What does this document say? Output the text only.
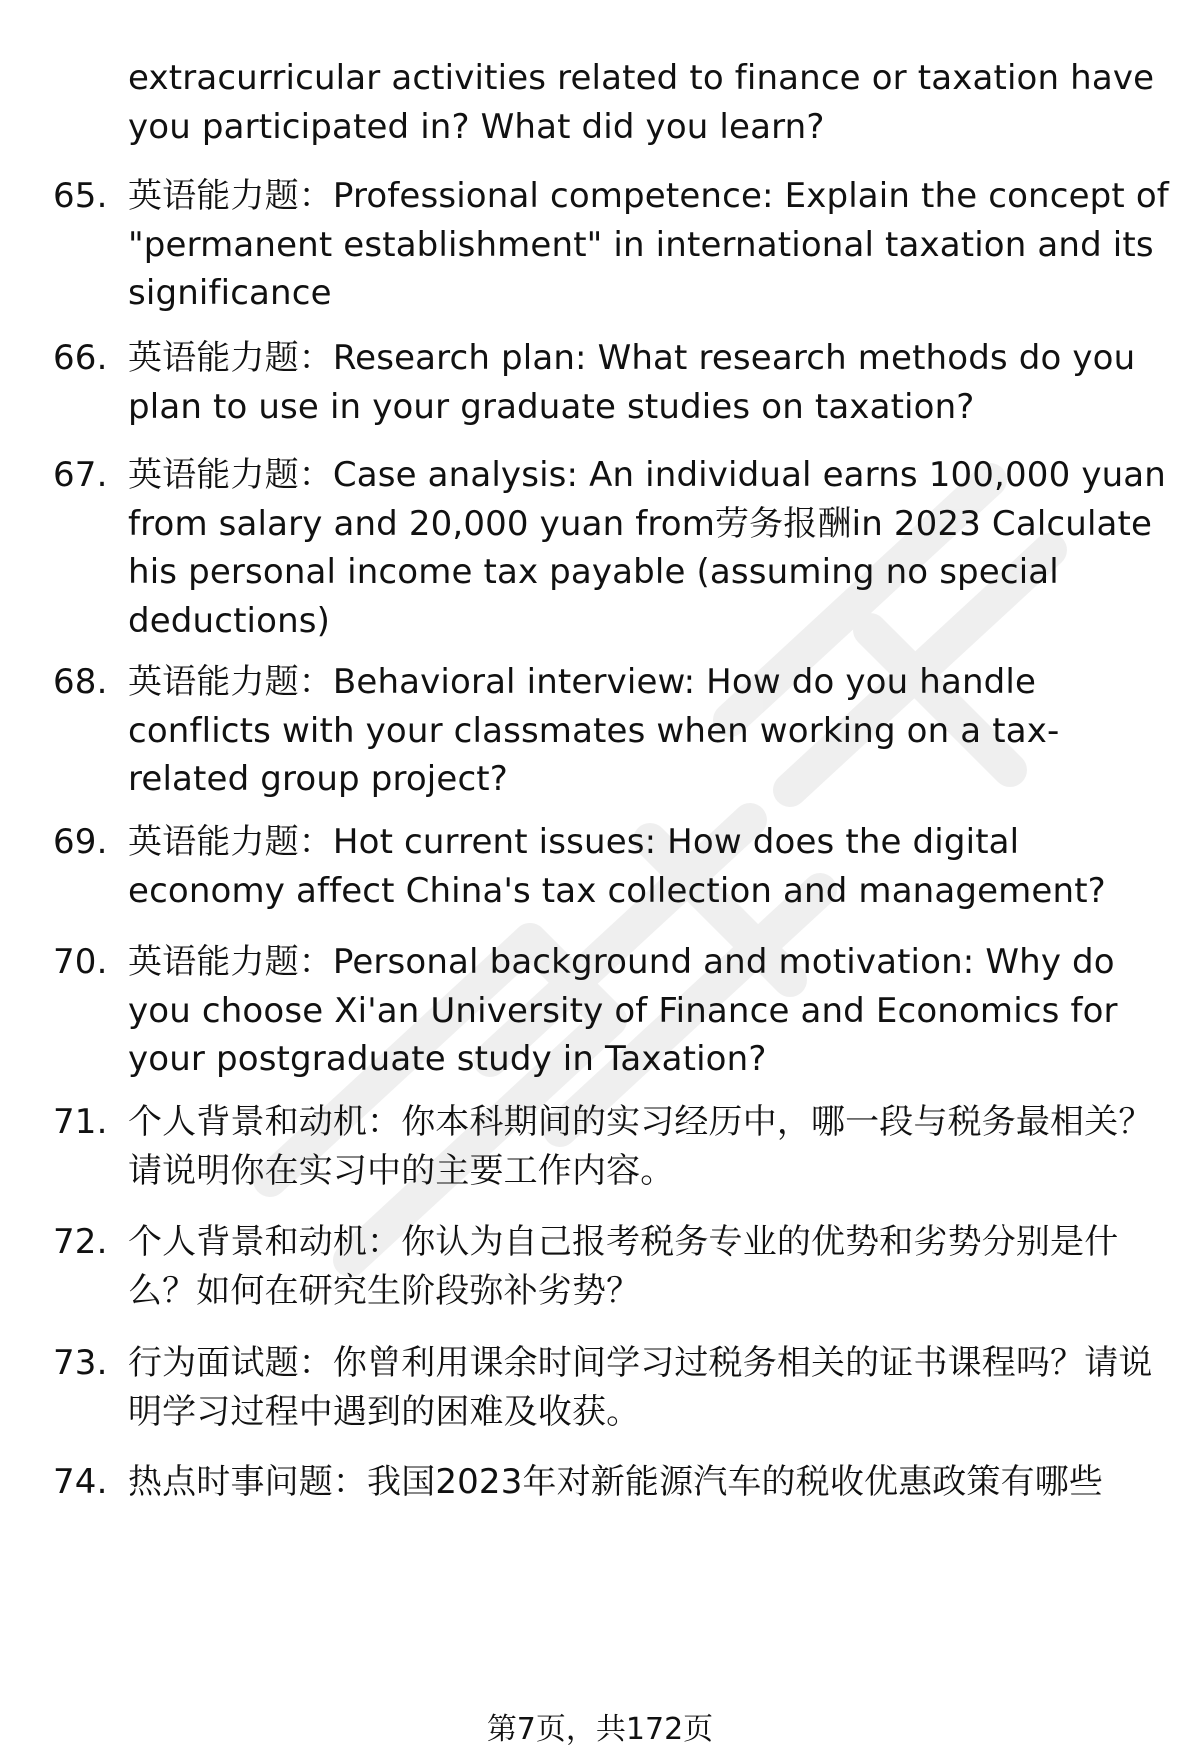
extracurricular activities related to finance or taxation have you participated in? What did you learn?
65. 英语能力题：Professional competence: Explain the concept of "permanent establishment" in international taxation and its significance
66. 英语能力题：Research plan: What research methods do you plan to use in your graduate studies on taxation?
67. 英语能力题：Case analysis: An individual earns 100,000 yuan from salary and 20,000 yuan from劳务报酬in 2023 Calculate his personal income tax payable (assuming no special deductions)
68. 英语能力题：Behavioral interview: How do you handle conflicts with your classmates when working on a tax-related group project?
69. 英语能力题：Hot current issues: How does the digital economy affect China's tax collection and management?
70. 英语能力题：Personal background and motivation: Why do you choose Xi'an University of Finance and Economics for your postgraduate study in Taxation?
71. 个人背景和动机：你本科期间的实习经历中，哪一段与税务最相关？请说明你在实习中的主要工作内容。
72. 个人背景和动机：你认为自己报考税务专业的优势和劣势分别是什么？如何在研究生阶段弥补劣势？
73. 行为面试题：你曾利用课余时间学习过税务相关的证书课程吗？请说明学习过程中遇到的困难及收获。
74. 热点时事问题：我国2023年对新能源汽车的税收优惠政策有哪些
第7页，共172页
